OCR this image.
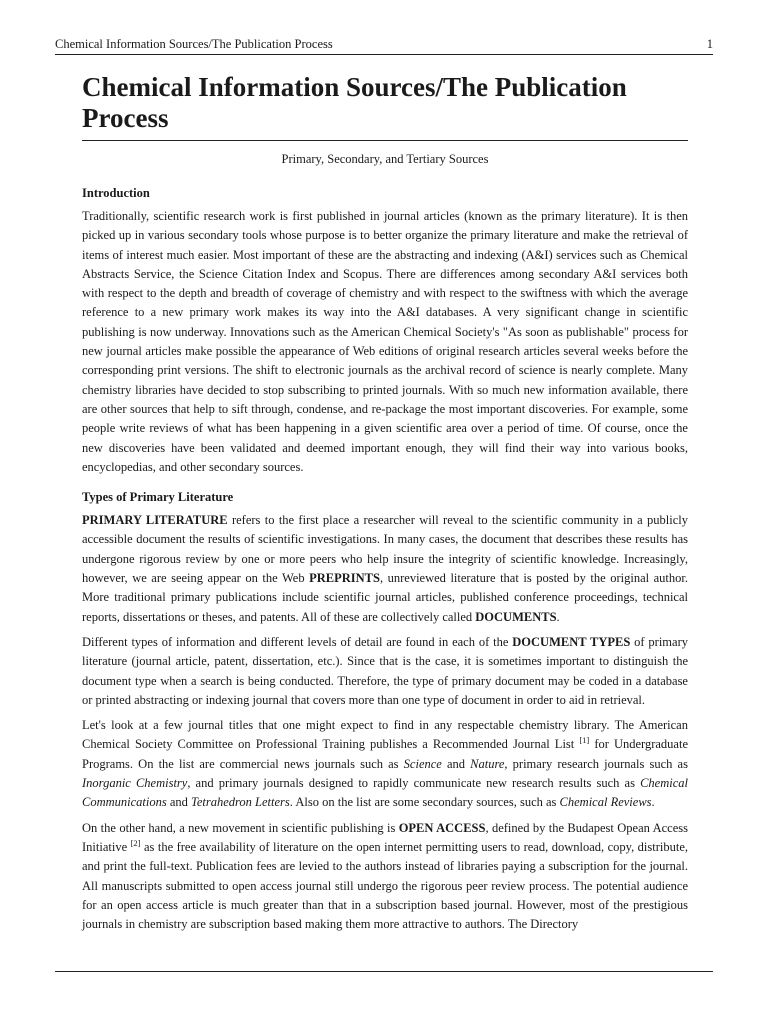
Chemical Information Sources/The Publication Process	1
Chemical Information Sources/The Publication Process
Primary, Secondary, and Tertiary Sources
Introduction

Traditionally, scientific research work is first published in journal articles (known as the primary literature). It is then picked up in various secondary tools whose purpose is to better organize the primary literature and make the retrieval of items of interest much easier. Most important of these are the abstracting and indexing (A&I) services such as Chemical Abstracts Service, the Science Citation Index and Scopus. There are differences among secondary A&I services both with respect to the depth and breadth of coverage of chemistry and with respect to the swiftness with which the average reference to a new primary work makes its way into the A&I databases. A very significant change in scientific publishing is now underway. Innovations such as the American Chemical Society's "As soon as publishable" process for new journal articles make possible the appearance of Web editions of original research articles several weeks before the corresponding print versions. The shift to electronic journals as the archival record of science is nearly complete. Many chemistry libraries have decided to stop subscribing to printed journals. With so much new information available, there are other sources that help to sift through, condense, and re-package the most important discoveries. For example, some people write reviews of what has been happening in a given scientific area over a period of time. Of course, once the new discoveries have been validated and deemed important enough, they will find their way into various books, encyclopedias, and other secondary sources.

Types of Primary Literature

PRIMARY LITERATURE refers to the first place a researcher will reveal to the scientific community in a publicly accessible document the results of scientific investigations. In many cases, the document that describes these results has undergone rigorous review by one or more peers who help insure the integrity of scientific knowledge. Increasingly, however, we are seeing appear on the Web PREPRINTS, unreviewed literature that is posted by the original author. More traditional primary publications include scientific journal articles, published conference proceedings, technical reports, dissertations or theses, and patents. All of these are collectively called DOCUMENTS.

Different types of information and different levels of detail are found in each of the DOCUMENT TYPES of primary literature (journal article, patent, dissertation, etc.). Since that is the case, it is sometimes important to distinguish the document type when a search is being conducted. Therefore, the type of primary document may be coded in a database or printed abstracting or indexing journal that covers more than one type of document in order to aid in retrieval.

Let's look at a few journal titles that one might expect to find in any respectable chemistry library. The American Chemical Society Committee on Professional Training publishes a Recommended Journal List [1] for Undergraduate Programs. On the list are commercial news journals such as Science and Nature, primary research journals such as Inorganic Chemistry, and primary journals designed to rapidly communicate new research results such as Chemical Communications and Tetrahedron Letters. Also on the list are some secondary sources, such as Chemical Reviews.

On the other hand, a new movement in scientific publishing is OPEN ACCESS, defined by the Budapest Opean Access Initiative [2] as the free availability of literature on the open internet permitting users to read, download, copy, distribute, and print the full-text. Publication fees are levied to the authors instead of libraries paying a subscription for the journal. All manuscripts submitted to open access journal still undergo the rigorous peer review process. The potential audience for an open access article is much greater than that in a subscription based journal. However, most of the prestigious journals in chemistry are subscription based making them more attractive to authors. The Directory
